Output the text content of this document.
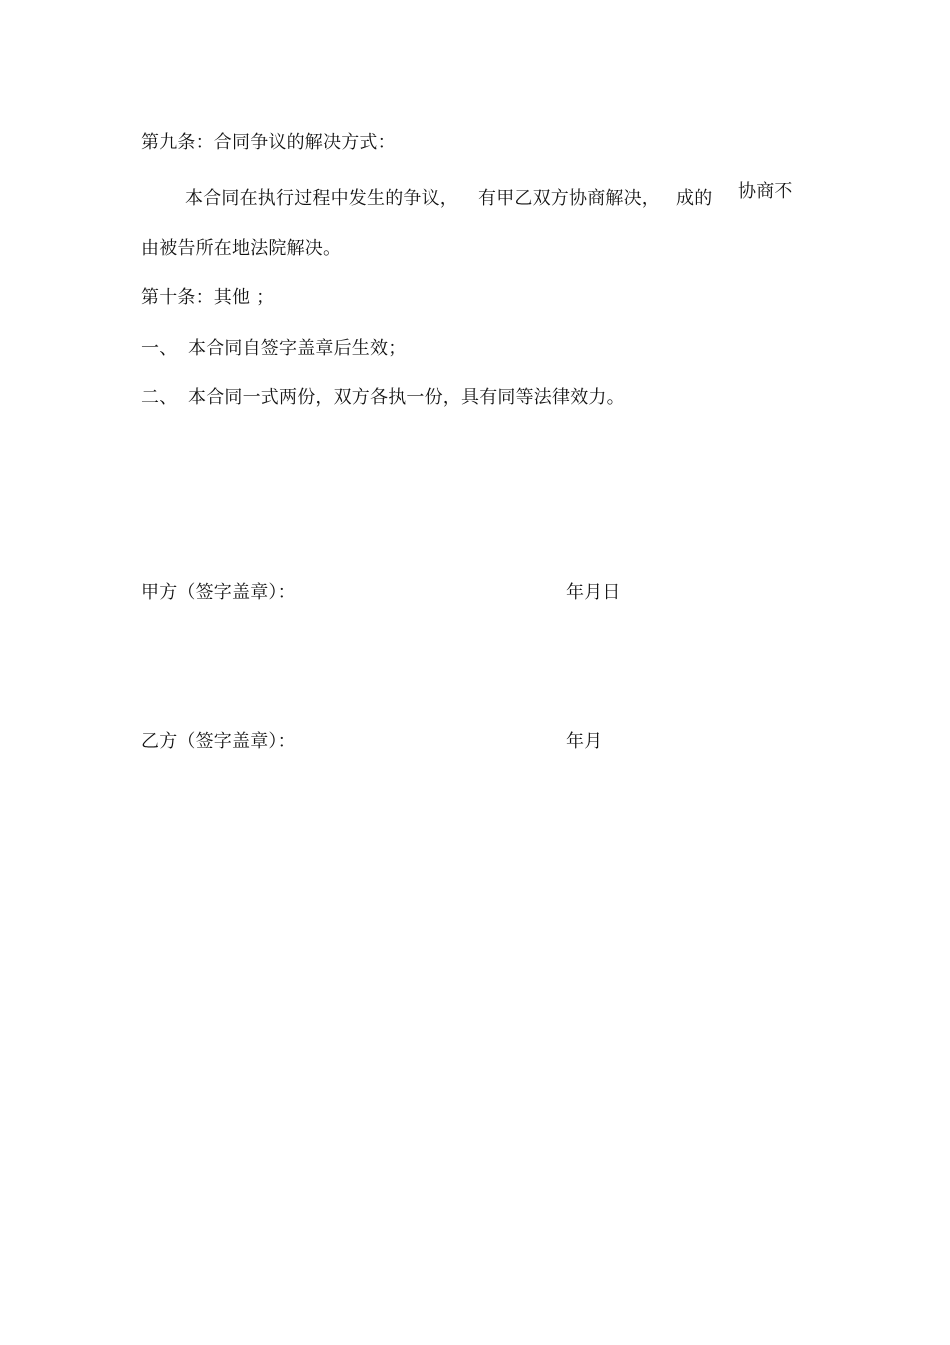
第九条：合同争议的解决方式：
本合同在执行过程中发生的争议， 有甲乙双方协商解决， 成的 协商不
由被告所在地法院解决。
第十条：其他 ；
一、 本合同自签字盖章后生效；
二、 本合同一式两份，双方各执一份，具有同等法律效力。
甲方（签字盖章）：	年月日
乙方（签字盖章）：	年月
